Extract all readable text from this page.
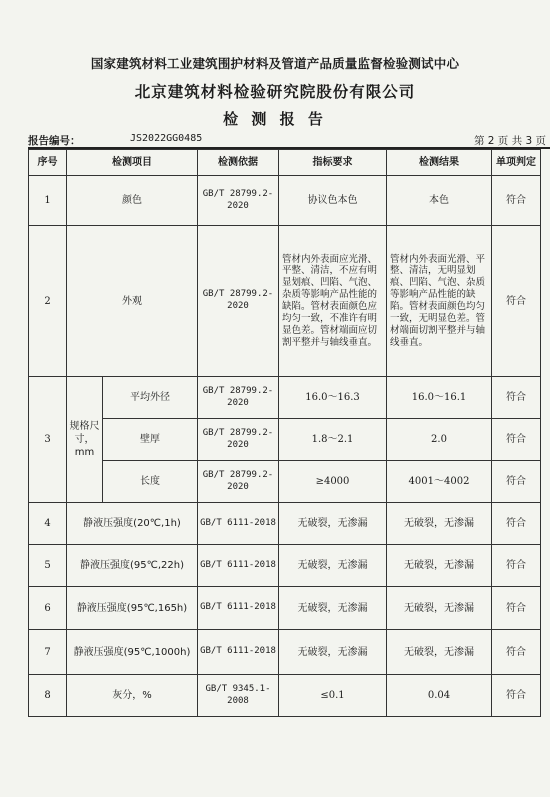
国家建筑材料工业建筑围护材料及管道产品质量监督检验测试中心
北京建筑材料检验研究院股份有限公司
检 测 报 告
报告编号：	JS2022GG0485	第 2 页 共 3 页
序号	检测项目		检测依据	指标要求	检测结果	单项判定
1	颜色		GB/T 28799.2-2020	协议色本色	本色	符合
2	外观		GB/T 28799.2-2020	管材内外表面应光滑、平整、清洁，不应有明显划痕、凹陷、气泡、杂质等影响产品性能的缺陷。管材表面颜色应均匀一致，不准许有明显色差。管材端面应切割平整并与轴线垂直。	管材内外表面光滑、平整、清洁，无明显划痕、凹陷、气泡、杂质等影响产品性能的缺陷。管材表面颜色均匀一致，无明显色差。管材端面切割平整并与轴线垂直。	符合
3	规格尺寸，mm	平均外径	GB/T 28799.2-2020	16.0～16.3	16.0～16.1	符合
		壁厚	GB/T 28799.2-2020	1.8～2.1	2.0	符合
		长度	GB/T 28799.2-2020	≥4000	4001～4002	符合
4	静液压强度(20℃,1h)		GB/T 6111-2018	无破裂，无渗漏	无破裂，无渗漏	符合
5	静液压强度(95℃,22h)		GB/T 6111-2018	无破裂，无渗漏	无破裂，无渗漏	符合
6	静液压强度(95℃,165h)		GB/T 6111-2018	无破裂，无渗漏	无破裂，无渗漏	符合
7	静液压强度(95℃,1000h)		GB/T 6111-2018	无破裂，无渗漏	无破裂，无渗漏	符合
8	灰分，%		GB/T 9345.1-2008	≤0.1	0.04	符合
